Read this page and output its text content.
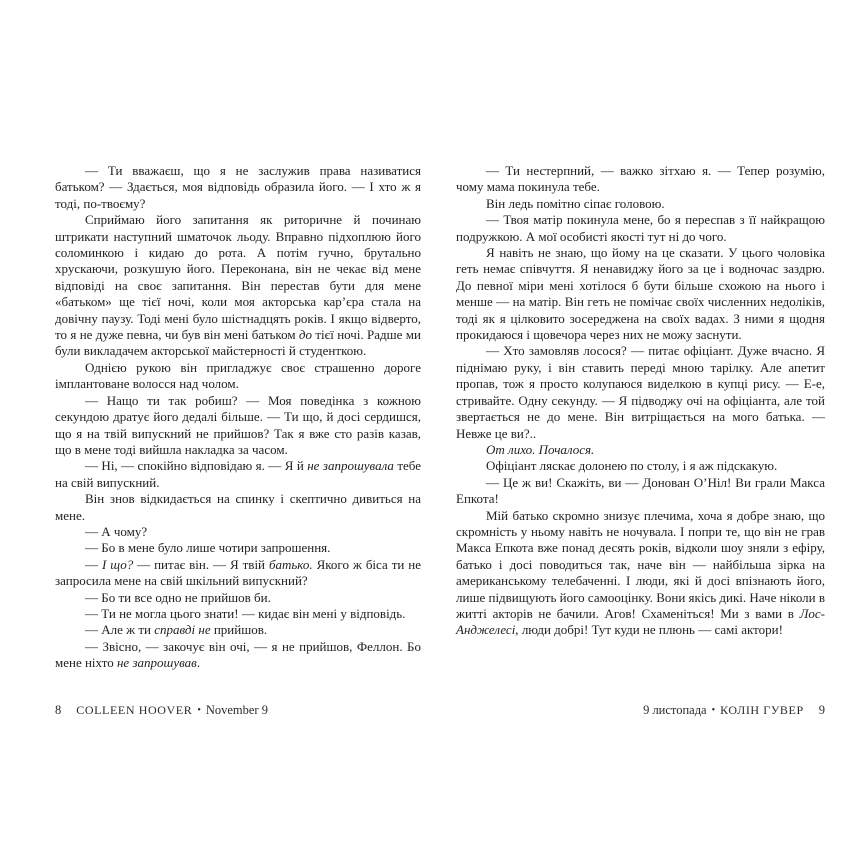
— Ти вважаєш, що я не заслужив права називатися батьком? — Здається, моя відповідь образила його. — І хто ж я тоді, по-твоєму?

Сприймаю його запитання як риторичне й починаю штрикати наступний шматочок льоду. Вправно підхоплюю його соломинкою і кидаю до рота. А потім гучно, брутально хрускаючи, розкушую його. Переконана, він не чекає від мене відповіді на своє запитання. Він перестав бути для мене «батьком» ще тієї ночі, коли моя акторська кар’єра стала на довічну паузу. Тоді мені було шістнадцять років. І якщо відверто, то я не дуже певна, чи був він мені батьком до тієї ночі. Радше ми були викладачем акторської майстерності й студенткою.

Однією рукою він пригладжує своє страшенно дороге імплантоване волосся над чолом.

— Нащо ти так робиш? — Моя поведінка з кожною секундою дратує його дедалі більше. — Ти що, й досі сердишся, що я на твій випускний не прийшов? Так я вже сто разів казав, що в мене тоді вийшла накладка за часом.

— Ні, — спокійно відповідаю я. — Я й не запрошувала тебе на свій випускний.

Він знов відкидається на спинку і скептично дивиться на мене.

— А чому?

— Бо в мене було лише чотири запрошення.

— І що? — питає він. — Я твій батько. Якого ж біса ти не запросила мене на свій шкільний випускний?

— Бо ти все одно не прийшов би.

— Ти не могла цього знати! — кидає він мені у відповідь.

— Але ж ти справді не прийшов.

— Звісно, — закочує він очі, — я не прийшов, Феллон. Бо мене ніхто не запрошував.

— Ти нестерпний, — важко зітхаю я. — Тепер розумію, чому мама покинула тебе.

Він ледь помітно сіпає головою.

— Твоя матір покинула мене, бо я переспав з її найкращою подружкою. А мої особисті якості тут ні до чого.

Я навіть не знаю, що йому на це сказати. У цього чоловіка геть немає співчуття. Я ненавиджу його за це і водночас заздрю. До певної міри мені хотілося б бути більше схожою на нього і менше — на матір. Він геть не помічає своїх численних недоліків, тоді як я цілковито зосереджена на своїх вадах. З ними я щодня прокидаюся і щовечора через них не можу заснути.

— Хто замовляв лосося? — питає офіціант. Дуже вчасно. Я піднімаю руку, і він ставить переді мною тарілку. Але апетит пропав, тож я просто колупаюся виделкою в купці рису. — Е-е, стривайте. Одну секунду. — Я підводжу очі на офіціанта, але той звертається не до мене. Він витріщається на мого батька. — Невже це ви?..

От лихо. Почалося.

Офіціант ляскає долонею по столу, і я аж підскакую.

— Це ж ви! Скажіть, ви — Донован О’Ніл! Ви грали Макса Епкота!

Мій батько скромно знизує плечима, хоча я добре знаю, що скромність у ньому навіть не ночувала. І попри те, що він не грав Макса Епкота вже понад десять років, відколи шоу зняли з ефіру, батько і досі поводиться так, наче він — найбільша зірка на американському телебаченні. І люди, які й досі впізнають його, лише підвищують його самооцінку. Вони якісь дикі. Наче ніколи в житті акторів не бачили. Агов! Схаменіться! Ми з вами в Лос-Анджелесі, люди добрі! Тут куди не плюнь — самі актори!

8 COLLEEN HOOVER • November 9	9 листопада • КОЛІН ГУВЕР 9
